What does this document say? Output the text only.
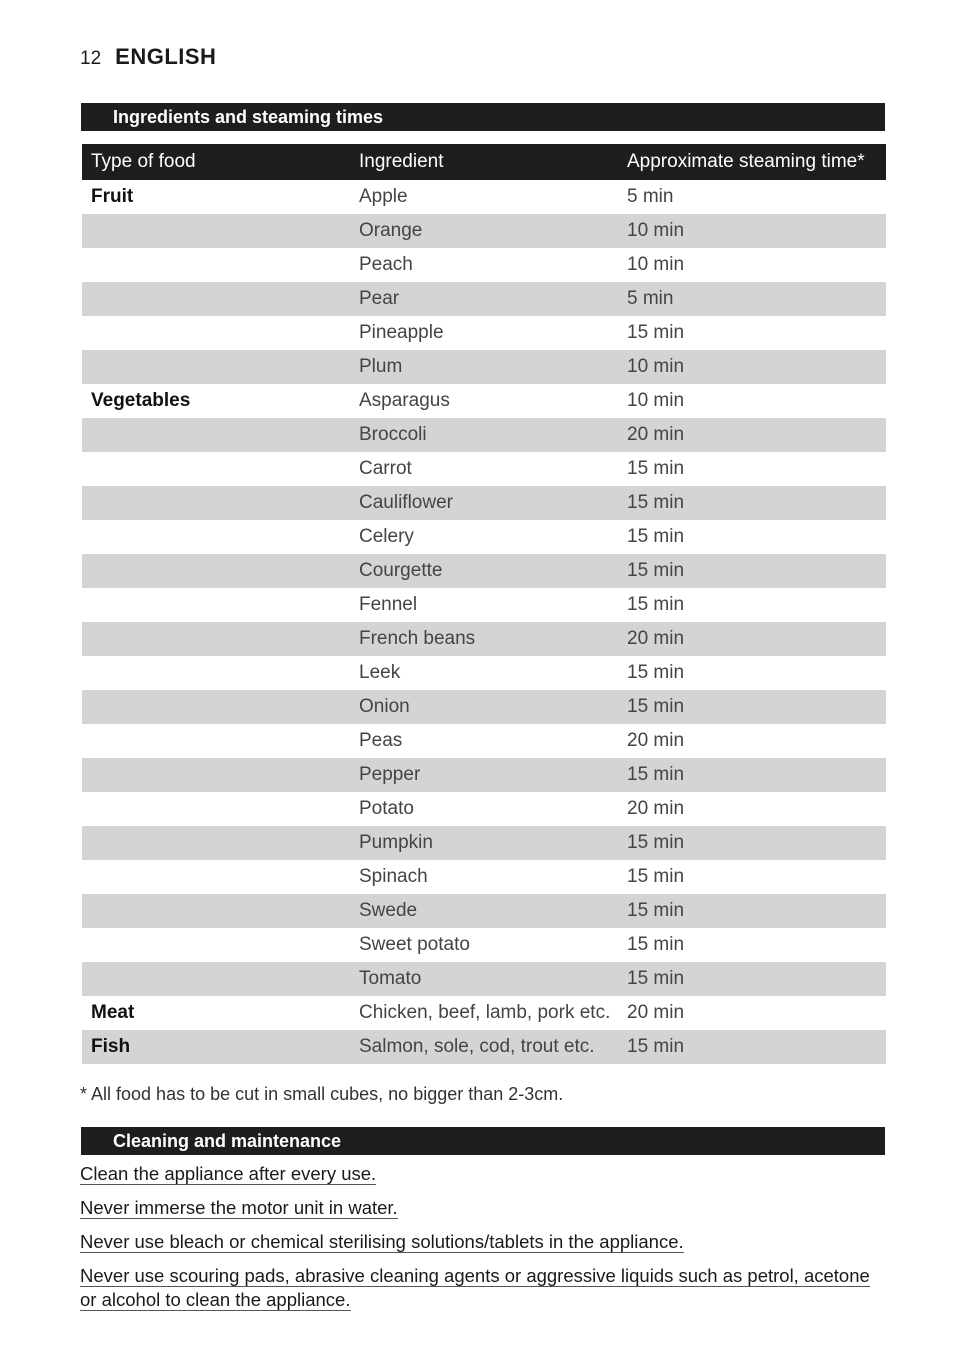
12 ENGLISH
Ingredients and steaming times
Type of food	Ingredient	Approximate steaming time*
Fruit	Apple	5 min
	Orange	10 min
	Peach	10 min
	Pear	5 min
	Pineapple	15 min
	Plum	10 min
Vegetables	Asparagus	10 min
	Broccoli	20 min
	Carrot	15 min
	Cauliflower	15 min
	Celery	15 min
	Courgette	15 min
	Fennel	15 min
	French beans	20 min
	Leek	15 min
	Onion	15 min
	Peas	20 min
	Pepper	15 min
	Potato	20 min
	Pumpkin	15 min
	Spinach	15 min
	Swede	15 min
	Sweet potato	15 min
	Tomato	15 min
Meat	Chicken, beef, lamb, pork etc.	20 min
Fish	Salmon, sole, cod, trout etc.	15 min
* All food has to be cut in small cubes, no bigger than 2-3cm.
Cleaning and maintenance
Clean the appliance after every use.
Never immerse the motor unit in water.
Never use bleach or chemical sterilising solutions/tablets in the appliance.
Never use scouring pads, abrasive cleaning agents or aggressive liquids such as petrol, acetone or alcohol to clean the appliance.
